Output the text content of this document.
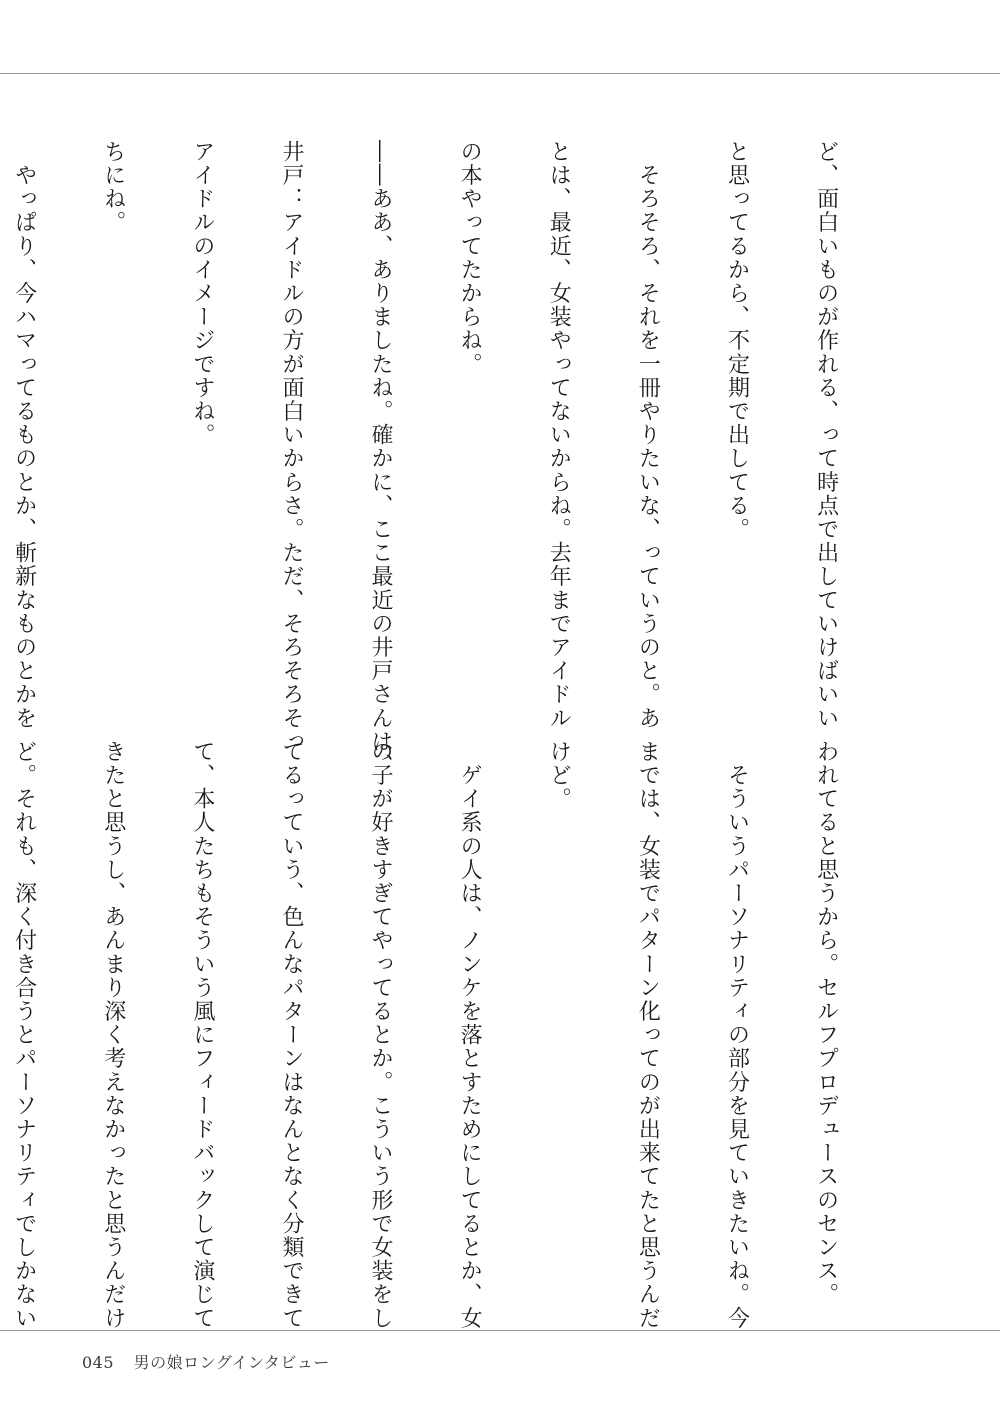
ど、面白いものが作れる、って時点で出していけばいい

と思ってるから、不定期で出してる。

　そろそろ、それを一冊やりたいな、っていうのと。あ

とは、最近、女装やってないからね。去年までアイドル

の本やってたからね。

――ああ、ありましたね。確かに、ここ最近の井戸さんは、

井戸：アイドルの方が面白いからさ。ただ、そろそろそっ

アイドルのイメージですね。

ちにね。

　やっぱり、今ハマってるものとか、斬新なものとかを

われてると思うから。セルフプロデュースのセンス。

　そういうパーソナリティの部分を見ていきたいね。今

までは、女装でパターン化ってのが出来てたと思うんだ

けど。

　ゲイ系の人は、ノンケを落とすためにしてるとか、女

の子が好きすぎてやってるとか。こういう形で女装をし

てるっていう、色んなパターンはなんとなく分類できて

て、本人たちもそういう風にフィードバックして演じて

きたと思うし、あんまり深く考えなかったと思うんだけ

ど。それも、深く付き合うとパーソナリティでしかない

045 男の娘ロングインタビュー
